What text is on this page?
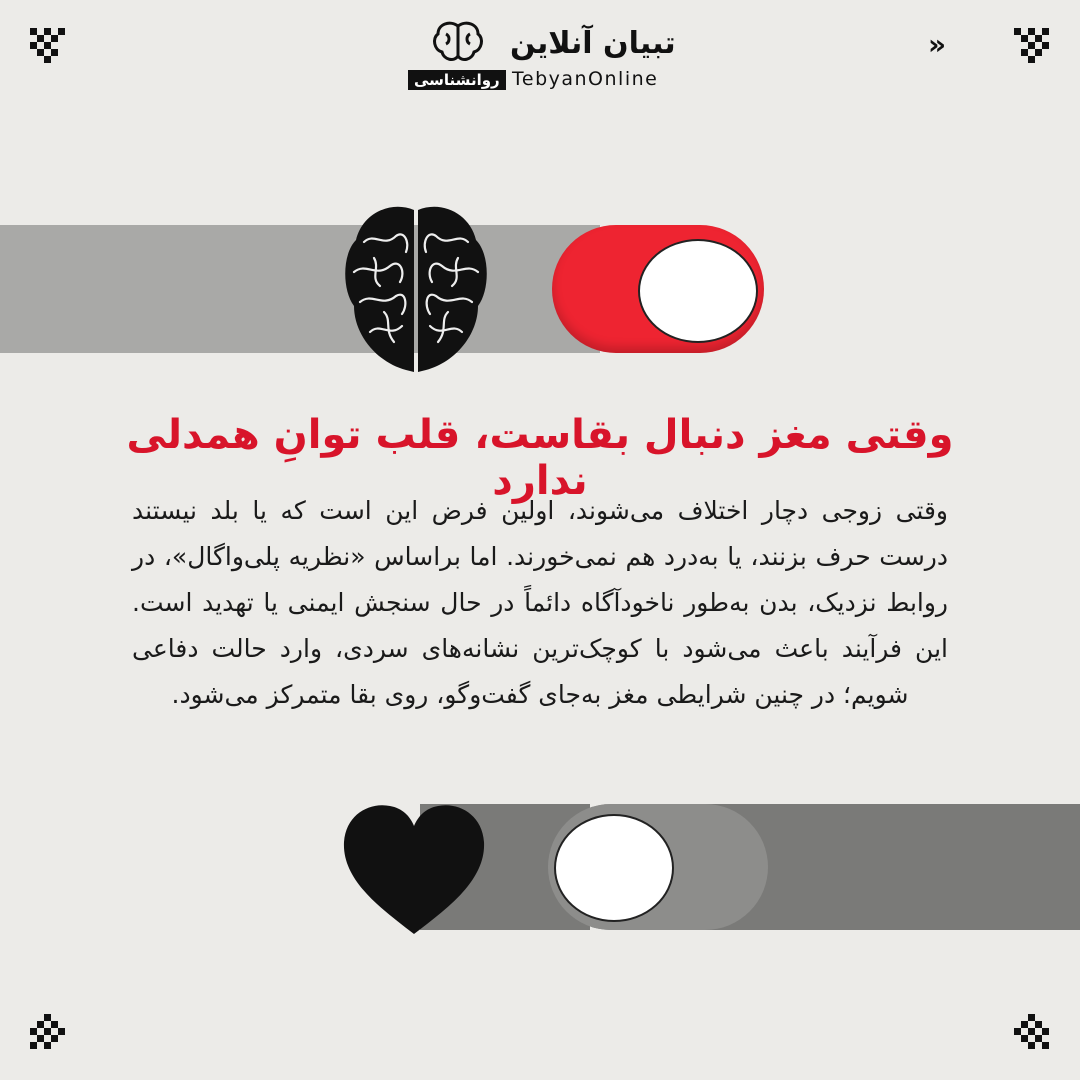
روانشناسی
تبیان آنلاین
TebyanOnline
»
وقتی مغز دنبال بقاست، قلب توانِ همدلی ندارد
وقتی زوجی دچار اختلاف می‌شوند، اولین فرض این است که یا بلد نیستند درست حرف بزنند، یا به‌درد هم نمی‌خورند. اما براساس «نظریه پلی‌واگال»، در روابط نزدیک، بدن به‌طور ناخودآگاه دائماً در حال سنجش ایمنی یا تهدید است. این فرآیند باعث می‌شود با کوچک‌ترین نشانه‌های سردی، وارد حالت دفاعی شویم؛ در چنین شرایطی مغز به‌جای گفت‌وگو، روی بقا متمرکز می‌شود.
